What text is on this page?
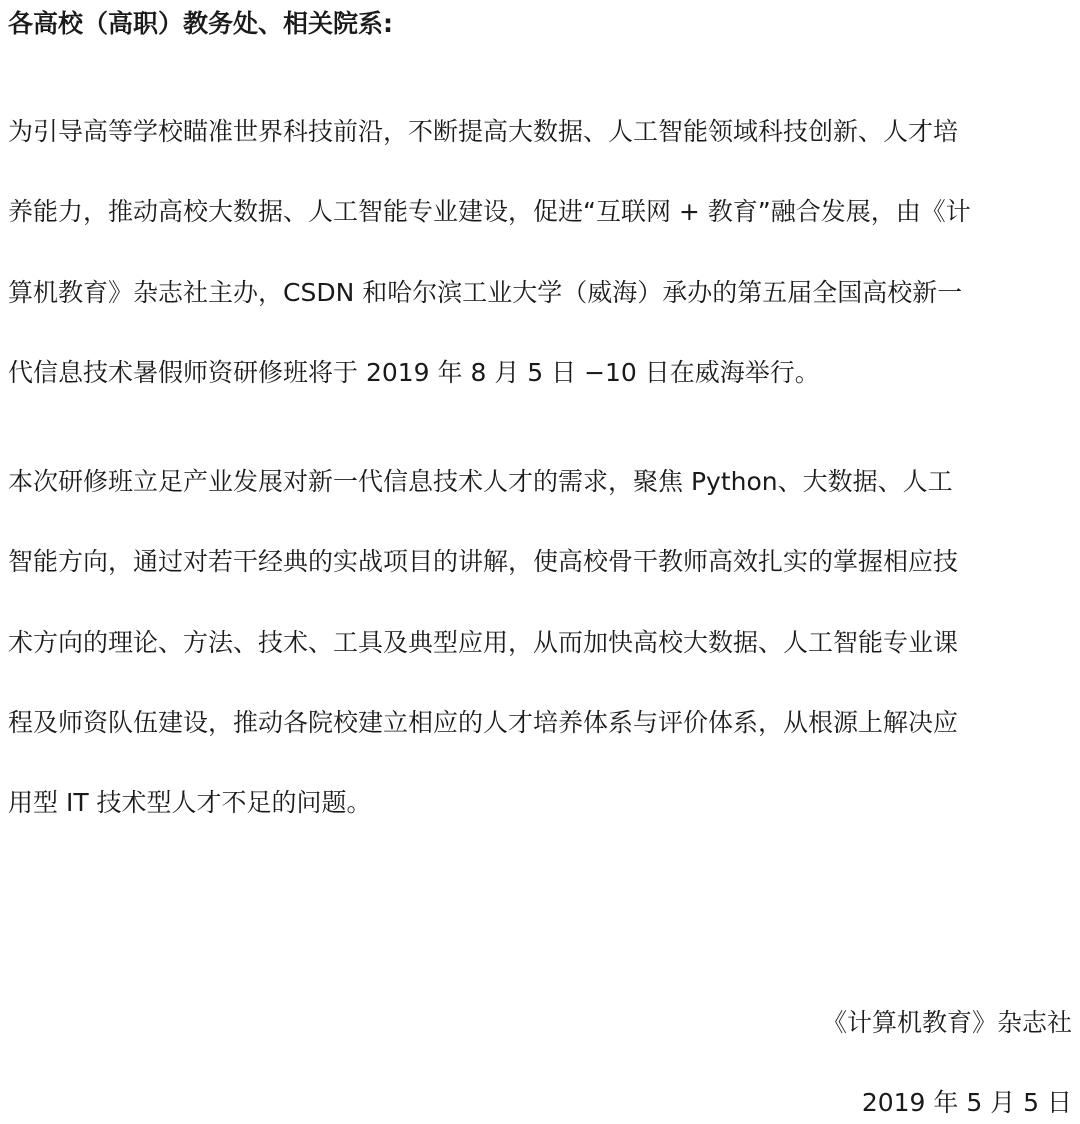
各高校（高职）教务处、相关院系:
为引导高等学校瞄准世界科技前沿，不断提高大数据、人工智能领域科技创新、人才培
养能力，推动高校大数据、人工智能专业建设，促进“互联网 + 教育”融合发展，由《计
算机教育》杂志社主办，CSDN 和哈尔滨工业大学（威海）承办的第五届全国高校新一
代信息技术暑假师资研修班将于 2019 年 8 月 5 日 −10 日在威海举行。
本次研修班立足产业发展对新一代信息技术人才的需求，聚焦 Python、大数据、人工
智能方向，通过对若干经典的实战项目的讲解，使高校骨干教师高效扎实的掌握相应技
术方向的理论、方法、技术、工具及典型应用，从而加快高校大数据、人工智能专业课
程及师资队伍建设，推动各院校建立相应的人才培养体系与评价体系，从根源上解决应
用型 IT 技术型人才不足的问题。
《计算机教育》杂志社
2019 年 5 月 5 日
